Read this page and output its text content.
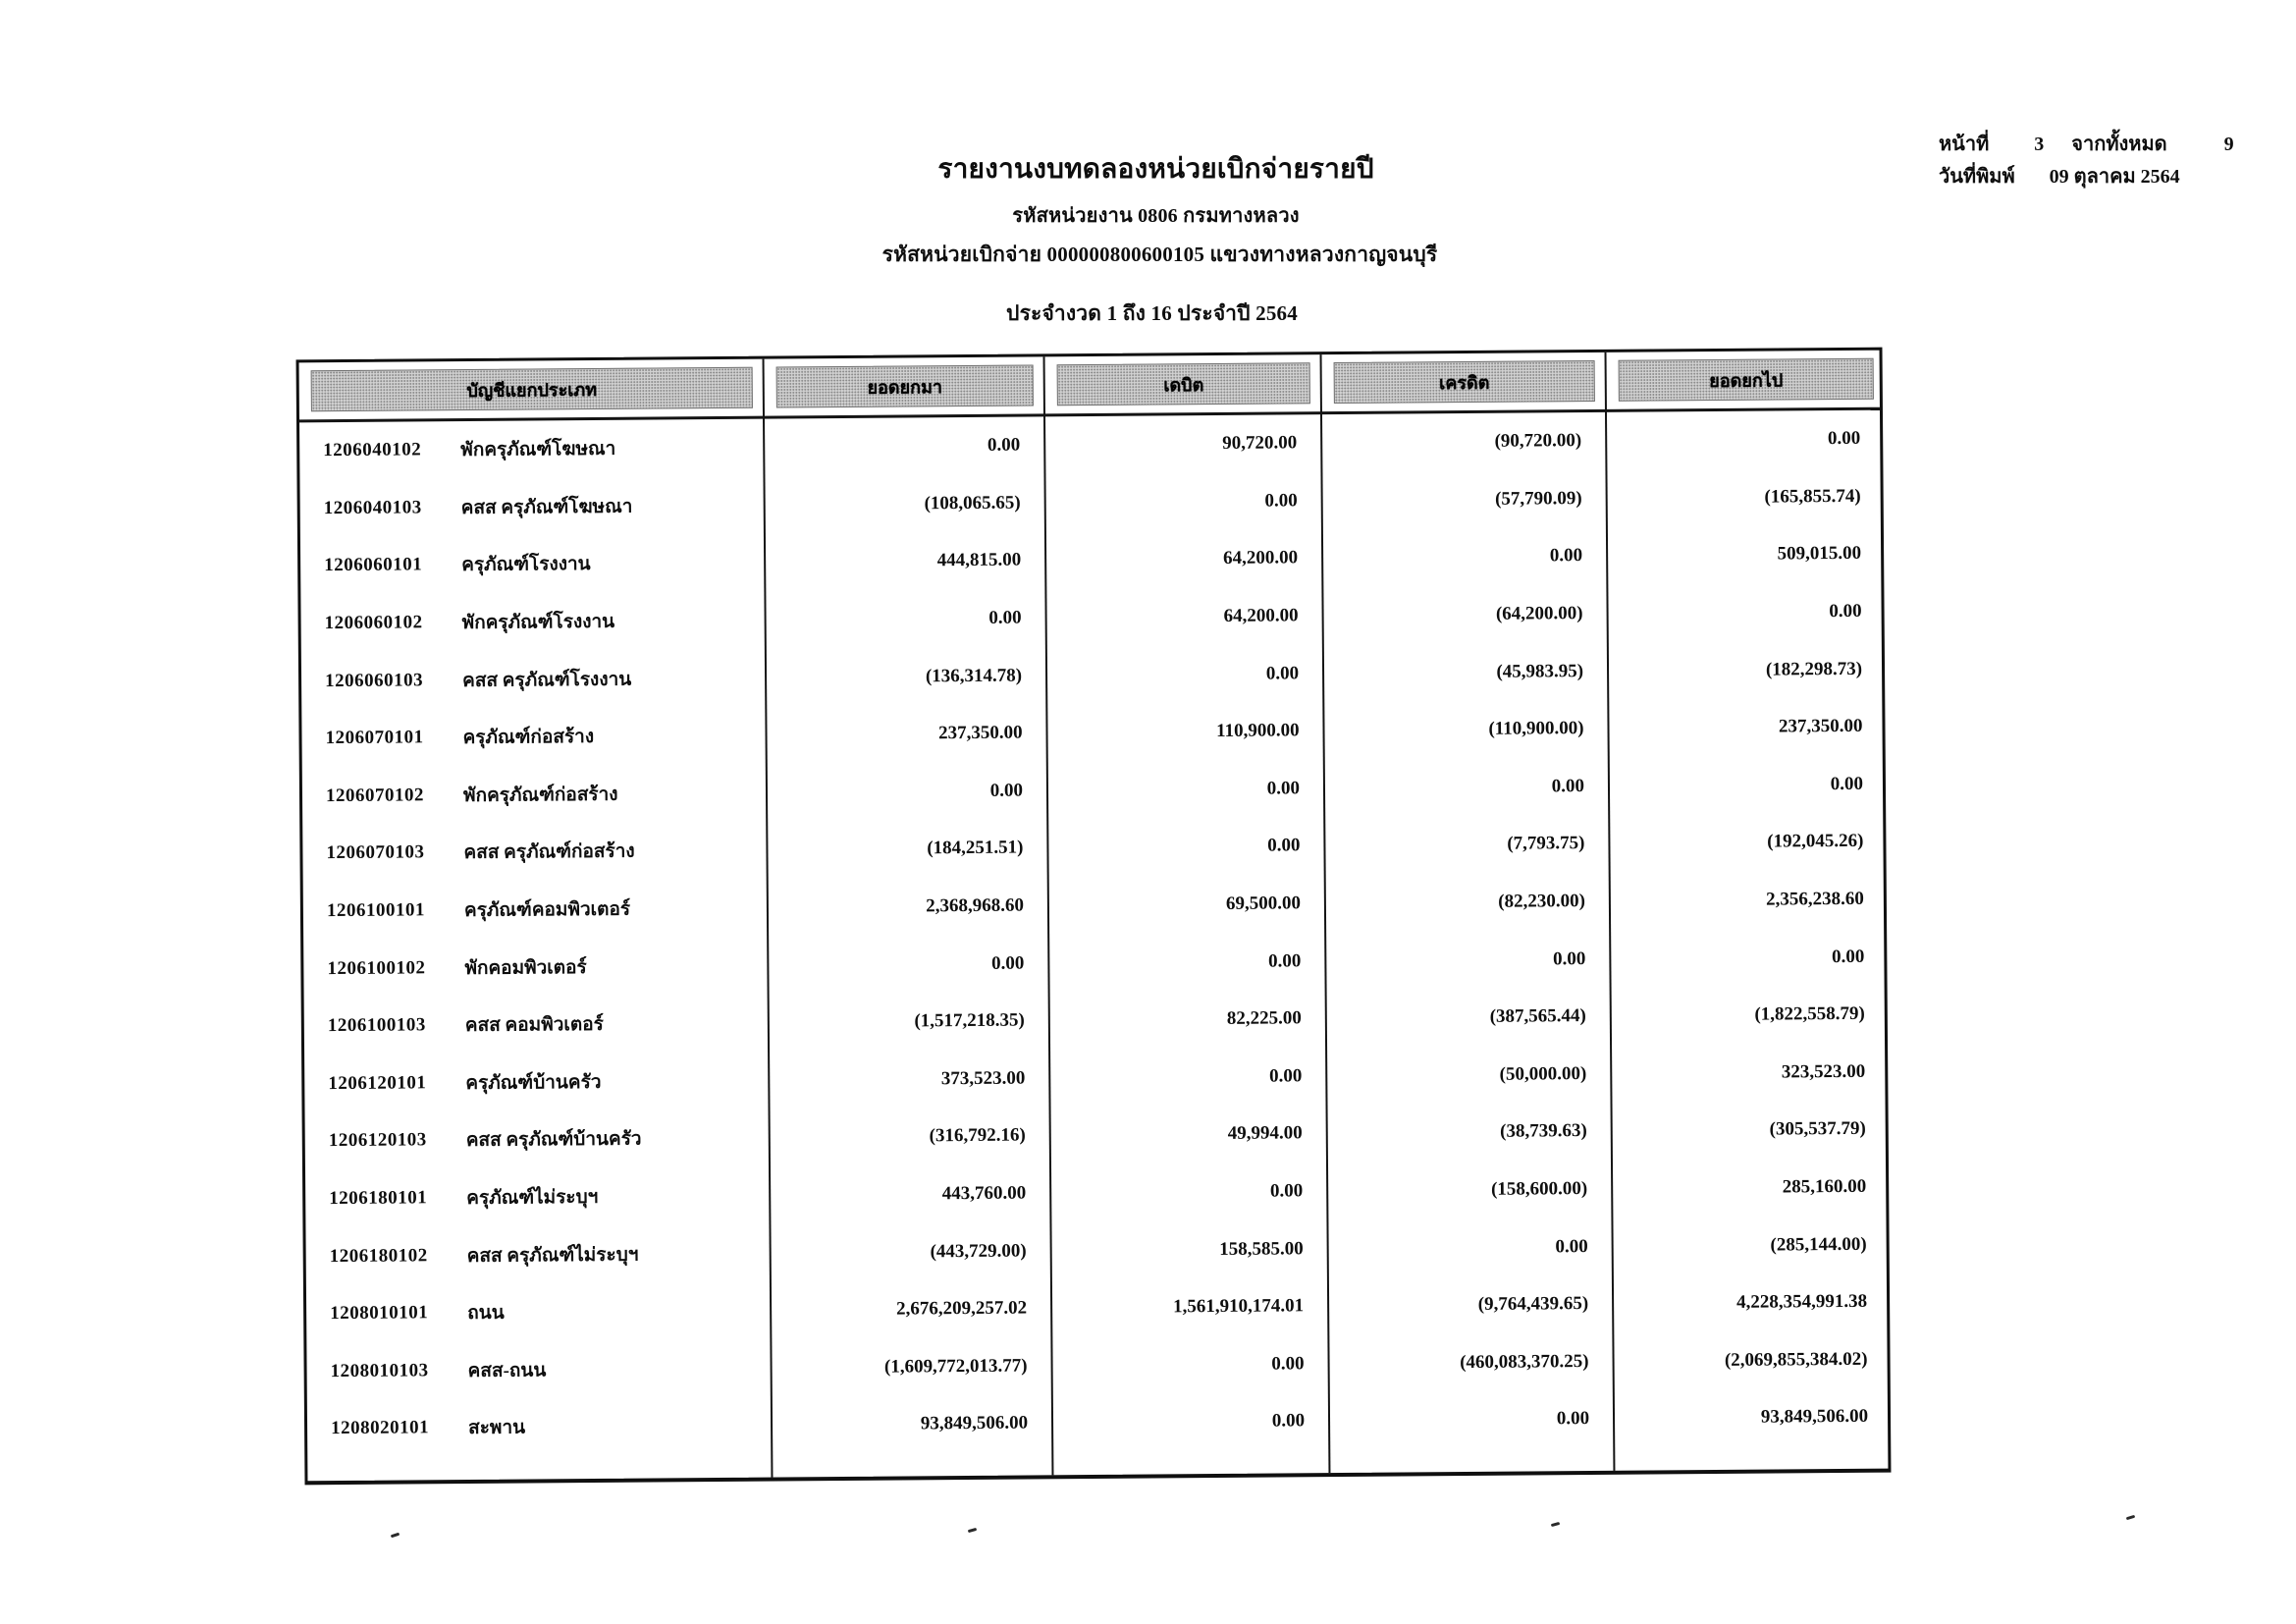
รายงานงบทดลองหน่วยเบิกจ่ายรายปี
รหัสหน่วยงาน 0806 กรมทางหลวง
รหัสหน่วยเบิกจ่าย 000000800600105 แขวงทางหลวงกาญจนบุรี
ประจำงวด 1 ถึง 16 ประจำปี 2564
หน้าที่ 3 จากทั้งหมด	9
วันที่พิมพ์ 09 ตุลาคม 2564
บัญชีแยกประเภท	ยอดยกมา	เดบิต	เครดิต	ยอดยกไป
1206040102	พักครุภัณฑ์โฆษณา	0.00	90,720.00	(90,720.00)	0.00
1206040103	คสส ครุภัณฑ์โฆษณา	(108,065.65)	0.00	(57,790.09)	(165,855.74)
1206060101	ครุภัณฑ์โรงงาน	444,815.00	64,200.00	0.00	509,015.00
1206060102	พักครุภัณฑ์โรงงาน	0.00	64,200.00	(64,200.00)	0.00
1206060103	คสส ครุภัณฑ์โรงงาน	(136,314.78)	0.00	(45,983.95)	(182,298.73)
1206070101	ครุภัณฑ์ก่อสร้าง	237,350.00	110,900.00	(110,900.00)	237,350.00
1206070102	พักครุภัณฑ์ก่อสร้าง	0.00	0.00	0.00	0.00
1206070103	คสส ครุภัณฑ์ก่อสร้าง	(184,251.51)	0.00	(7,793.75)	(192,045.26)
1206100101	ครุภัณฑ์คอมพิวเตอร์	2,368,968.60	69,500.00	(82,230.00)	2,356,238.60
1206100102	พักคอมพิวเตอร์	0.00	0.00	0.00	0.00
1206100103	คสส คอมพิวเตอร์	(1,517,218.35)	82,225.00	(387,565.44)	(1,822,558.79)
1206120101	ครุภัณฑ์บ้านครัว	373,523.00	0.00	(50,000.00)	323,523.00
1206120103	คสส ครุภัณฑ์บ้านครัว	(316,792.16)	49,994.00	(38,739.63)	(305,537.79)
1206180101	ครุภัณฑ์ไม่ระบุฯ	443,760.00	0.00	(158,600.00)	285,160.00
1206180102	คสส ครุภัณฑ์ไม่ระบุฯ	(443,729.00)	158,585.00	0.00	(285,144.00)
1208010101	ถนน	2,676,209,257.02	1,561,910,174.01	(9,764,439.65)	4,228,354,991.38
1208010103	คสส-ถนน	(1,609,772,013.77)	0.00	(460,083,370.25)	(2,069,855,384.02)
1208020101	สะพาน	93,849,506.00	0.00	0.00	93,849,506.00
